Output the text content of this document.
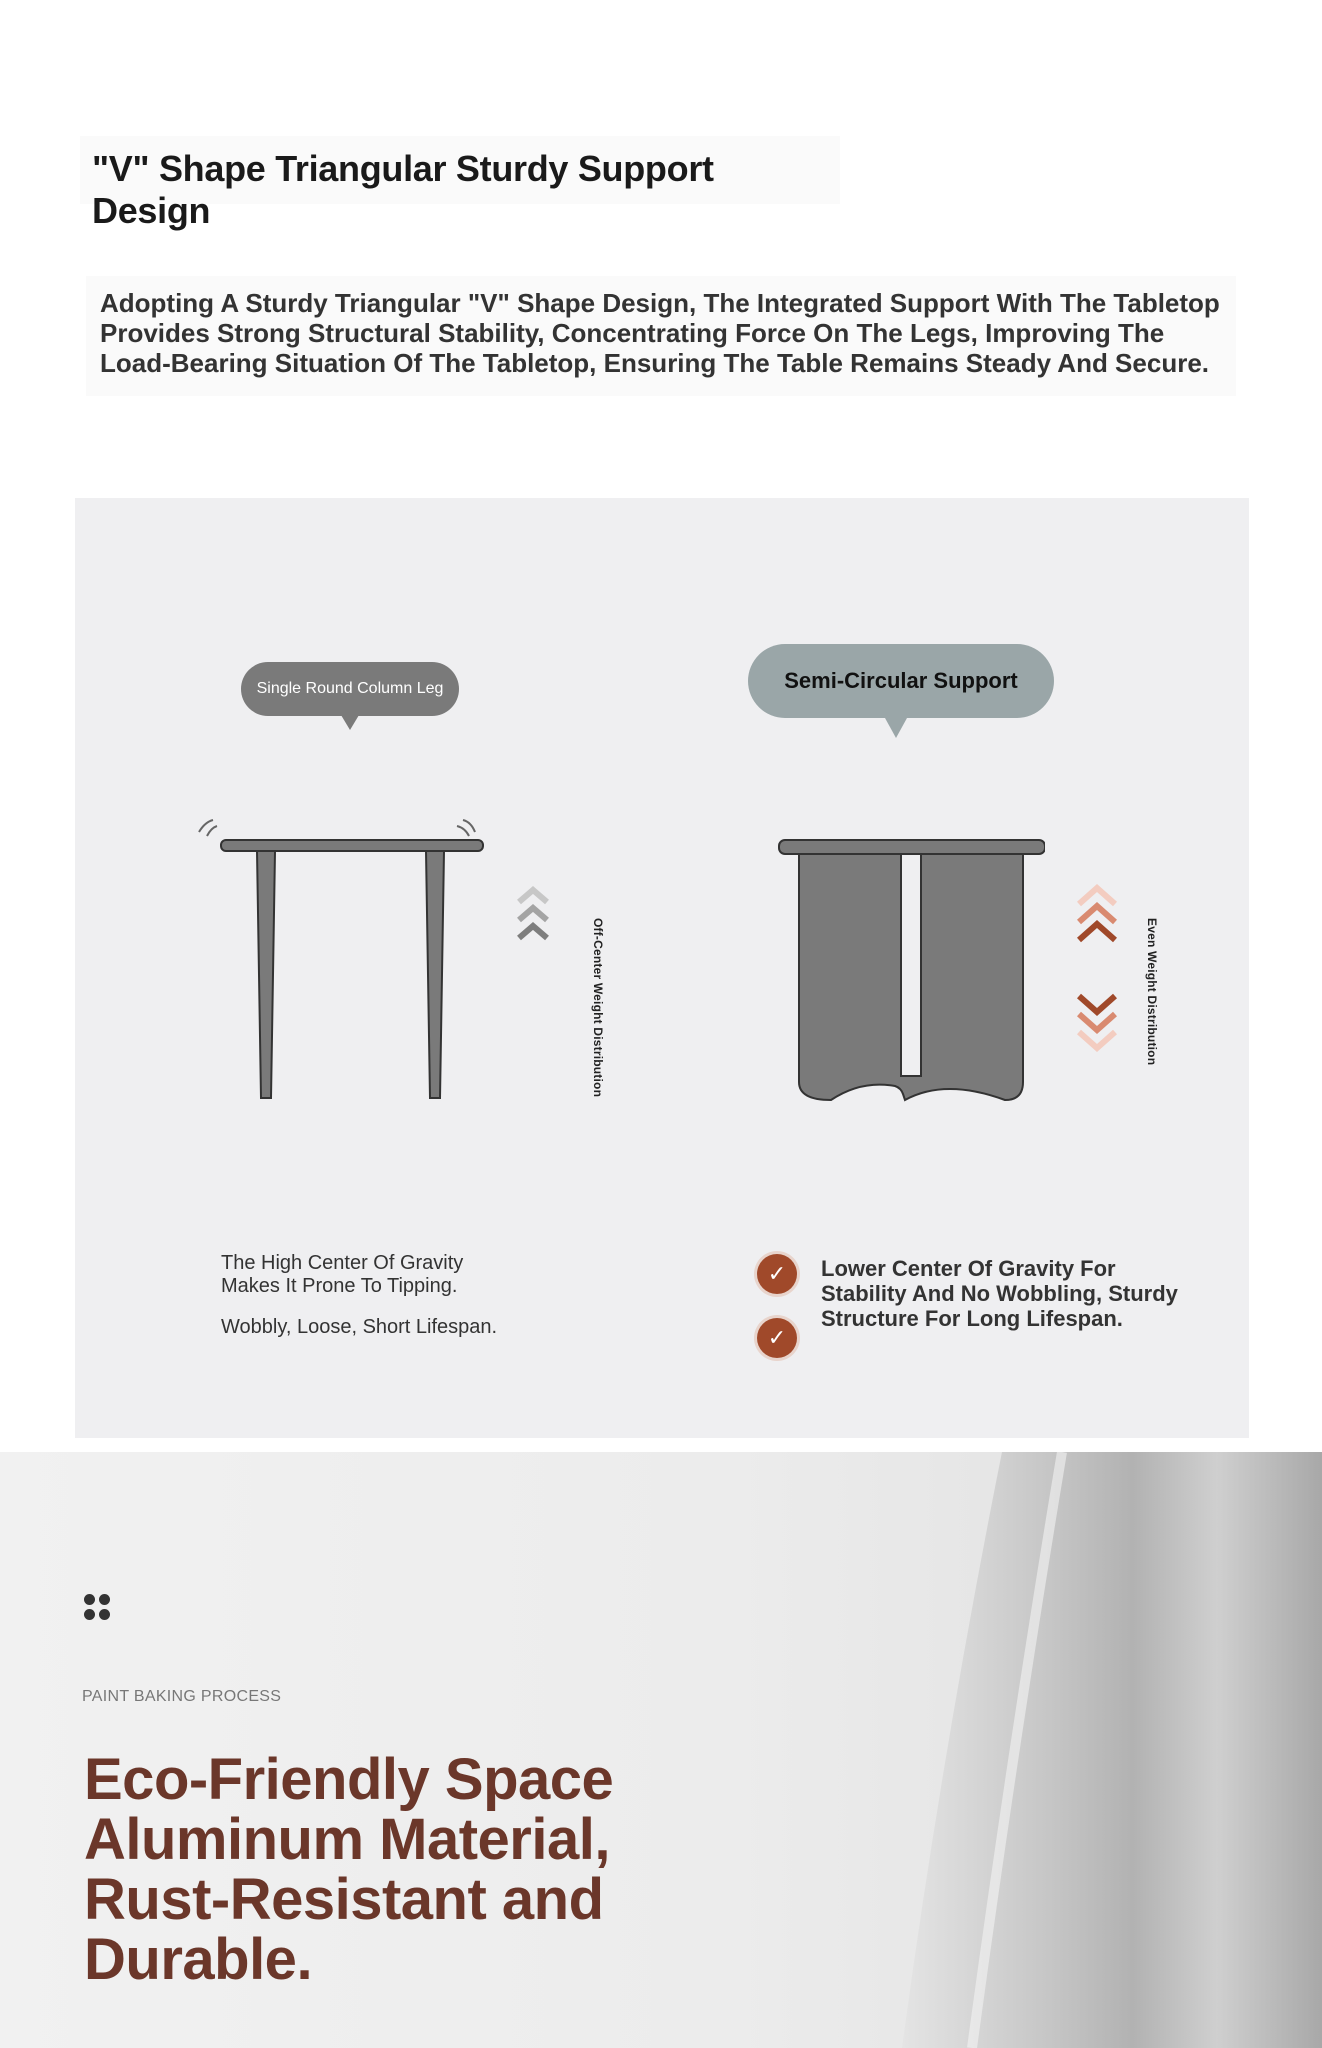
"V" Shape Triangular Sturdy Support Design
Adopting A Sturdy Triangular "V" Shape Design, The Integrated Support With The Tabletop Provides Strong Structural Stability, Concentrating Force On The Legs, Improving The Load-Bearing Situation Of The Tabletop, Ensuring The Table Remains Steady And Secure.
Single Round Column Leg
Off-Center Weight Distribution
Semi-Circular Support
Even Weight Distribution
The High Center Of Gravity Makes It Prone To Tipping.
Wobbly, Loose, Short Lifespan.
✓
✓
Lower Center Of Gravity For Stability And No Wobbling, Sturdy Structure For Long Lifespan.
PAINT BAKING PROCESS
Eco-Friendly Space Aluminum Material, Rust-Resistant and Durable.
